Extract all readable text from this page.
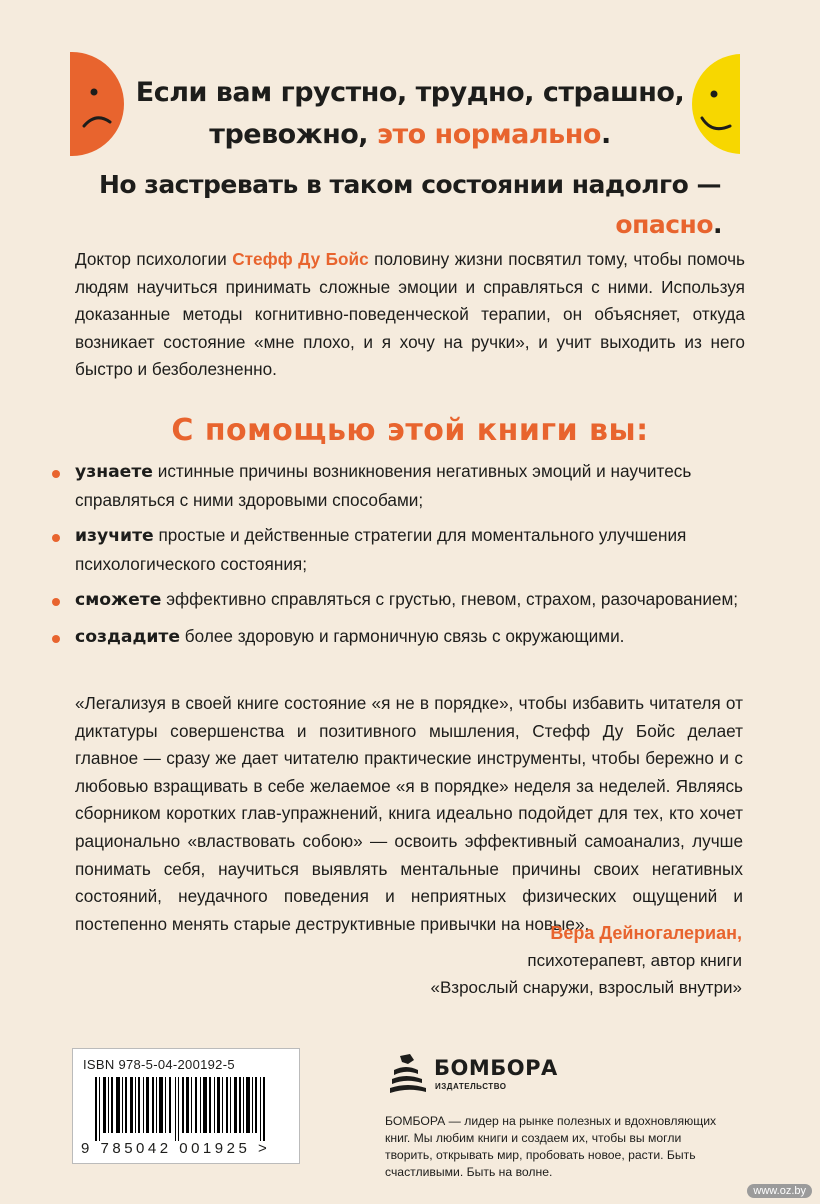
Если вам грустно, трудно, страшно,
тревожно, это нормально.
Но застревать в таком состоянии надолго —
опасно.
Доктор психологии Стефф Ду Бойс половину жизни посвятил тому, чтобы помочь людям научиться принимать сложные эмоции и справляться с ними. Используя доказанные методы когнитивно-поведенческой терапии, он объясняет, откуда возникает состояние «мне плохо, и я хочу на ручки», и учит выходить из него быстро и безболезненно.
С помощью этой книги вы:
узнаете истинные причины возникновения негативных эмоций и научитесь справляться с ними здоровыми способами;
изучите простые и действенные стратегии для моментального улучшения психологического состояния;
сможете эффективно справляться с грустью, гневом, страхом, разочарованием;
создадите более здоровую и гармоничную связь с окружающими.
«Легализуя в своей книге состояние «я не в порядке», чтобы избавить читателя от диктатуры совершенства и позитивного мышления, Стефф Ду Бойс делает главное — сразу же дает читателю практические инструменты, чтобы бережно и с любовью взращивать в себе желаемое «я в порядке» неделя за неделей. Являясь сборником коротких глав-упражнений, книга идеально подойдет для тех, кто хочет рационально «властвовать собою» — освоить эффективный самоанализ, лучше понимать себя, научиться выявлять ментальные причины своих негативных состояний, неудачного поведения и неприятных физических ощущений и постепенно менять старые деструктивные привычки на новые».
Вера Дейногалериан,
психотерапевт, автор книги
«Взрослый снаружи, взрослый внутри»
ISBN 978-5-04-200192-5
9 785042 001925 >
БОМБОРА
ИЗДАТЕЛЬСТВО
БОМБОРА — лидер на рынке полезных и вдохновляющих книг. Мы любим книги и создаем их, чтобы вы могли творить, открывать мир, пробовать новое, расти. Быть счастливыми. Быть на волне.
www.oz.by
